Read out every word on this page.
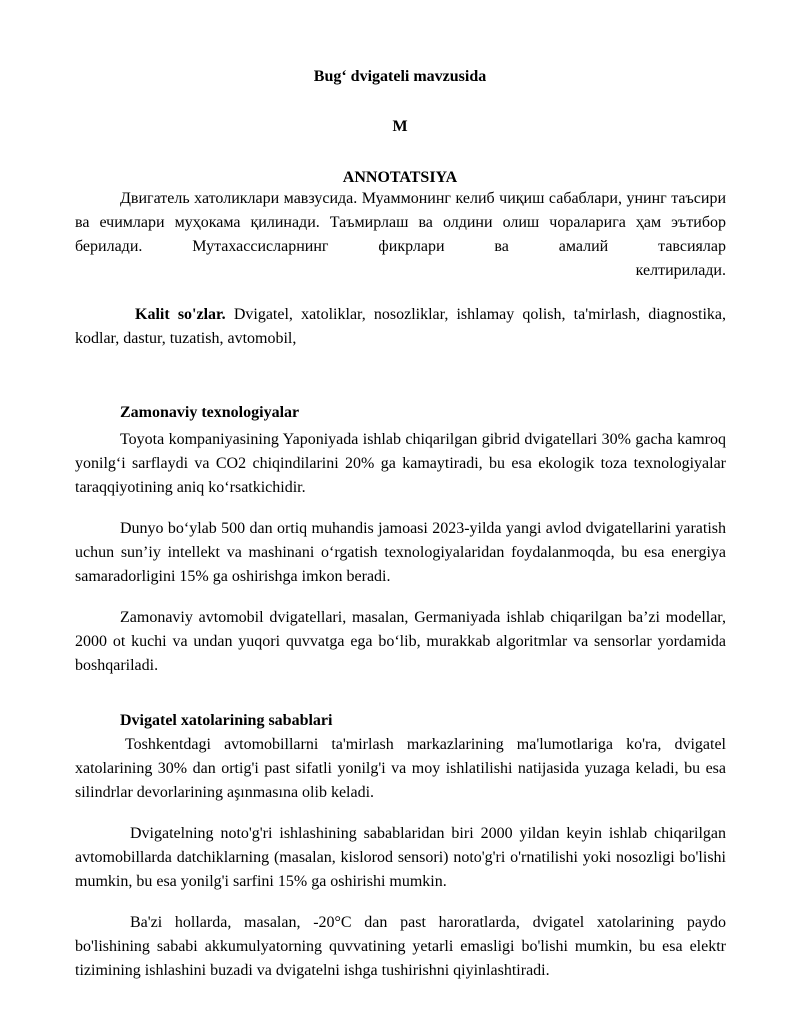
Bug‘ dvigateli mavzusida

M

ANNOTATSIYA

Двигатель хатоликлари мавзусида. Муаммонинг келиб чиқиш сабаблари, унинг таъсири ва ечимлари муҳокама қилинади. Таъмирлаш ва олдини олиш чораларига ҳам эътибор берилади. Мутахассисларнинг фикрлари ва амалий тавсиялар

келтирилади.

Kalit so'zlar. Dvigatel, xatoliklar, nosozliklar, ishlamay qolish, ta'mirlash, diagnostika, kodlar, dastur, tuzatish, avtomobil,

Zamonaviy texnologiyalar

Toyota kompaniyasining Yaponiyada ishlab chiqarilgan gibrid dvigatellari 30% gacha kamroq yonilg‘i sarflaydi va CO2 chiqindilarini 20% ga kamaytiradi, bu esa ekologik toza texnologiyalar taraqqiyotining aniq ko‘rsatkichidir.

Dunyo bo‘ylab 500 dan ortiq muhandis jamoasi 2023-yilda yangi avlod dvigatellarini yaratish uchun sun’iy intellekt va mashinani o‘rgatish texnologiyalaridan foydalanmoqda, bu esa energiya samaradorligini 15% ga oshirishga imkon beradi.

Zamonaviy avtomobil dvigatellari, masalan, Germaniyada ishlab chiqarilgan ba’zi modellar, 2000 ot kuchi va undan yuqori quvvatga ega bo‘lib, murakkab algoritmlar va sensorlar yordamida boshqariladi.

Dvigatel xatolarining sabablari

Toshkentdagi avtomobillarni ta'mirlash markazlarining ma'lumotlariga ko'ra, dvigatel xatolarining 30% dan ortig'i past sifatli yonilg'i va moy ishlatilishi natijasida yuzaga keladi, bu esa silindrlar devorlarining aşınmasına olib keladi.

Dvigatelning noto'g'ri ishlashining sabablaridan biri 2000 yildan keyin ishlab chiqarilgan avtomobillarda datchiklarning (masalan, kislorod sensori) noto'g'ri o'rnatilishi yoki nosozligi bo'lishi mumkin, bu esa yonilg'i sarfini 15% ga oshirishi mumkin.

Ba'zi hollarda, masalan, -20°C dan past haroratlarda, dvigatel xatolarining paydo bo'lishining sababi akkumulyatorning quvvatining yetarli emasligi bo'lishi mumkin, bu esa elektr tizimining ishlashini buzadi va dvigatelni ishga tushirishni qiyinlashtiradi.
